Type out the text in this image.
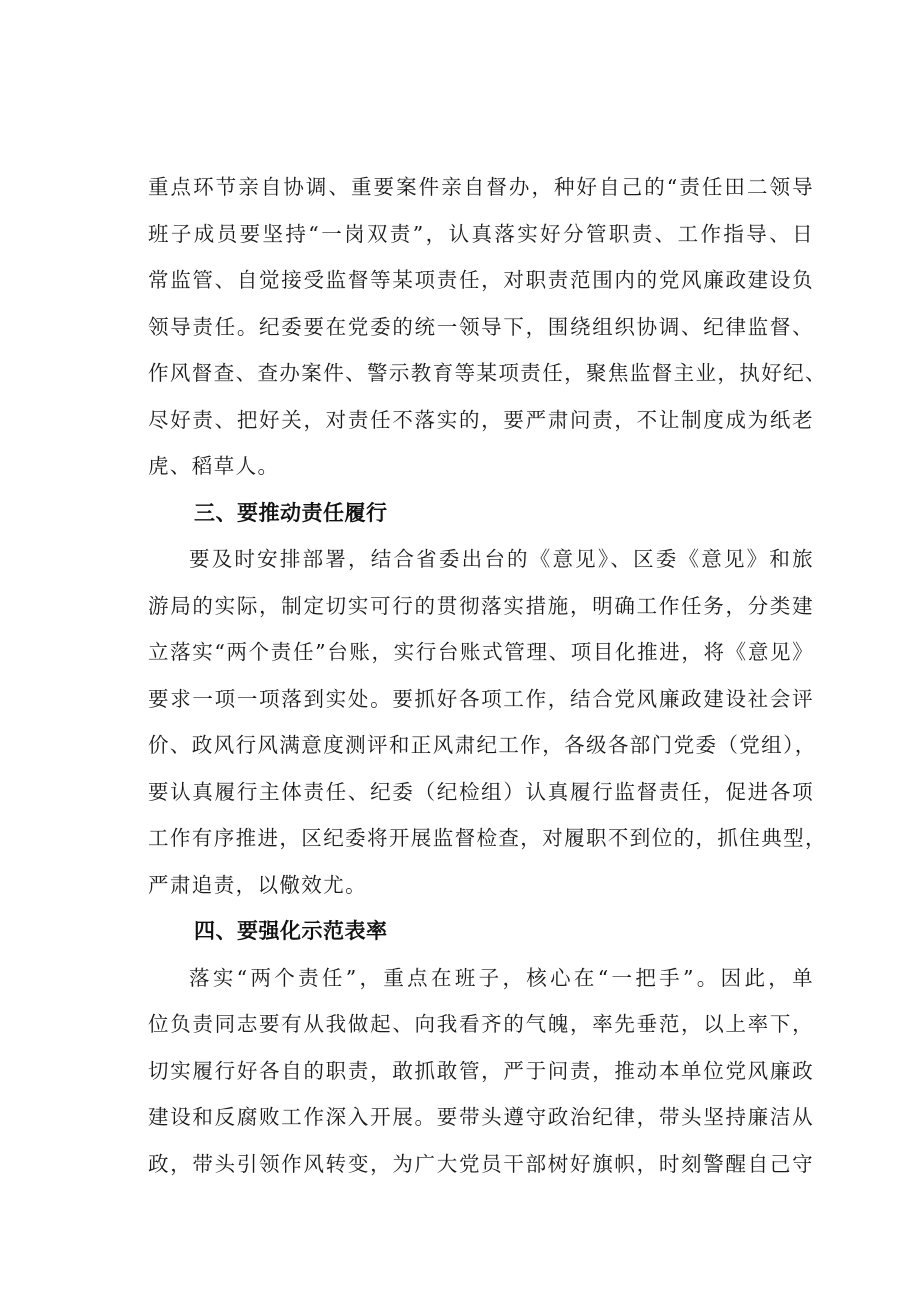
重点环节亲自协调、重要案件亲自督办，种好自己的“责任田二领导
班子成员要坚持“一岗双责”，认真落实好分管职责、工作指导、日
常监管、自觉接受监督等某项责任，对职责范围内的党风廉政建设负
领导责任。纪委要在党委的统一领导下，围绕组织协调、纪律监督、
作风督查、查办案件、警示教育等某项责任，聚焦监督主业，执好纪、
尽好责、把好关，对责任不落实的，要严肃问责，不让制度成为纸老
虎、稻草人。
三、要推动责任履行
要及时安排部署，结合省委出台的《意见》、区委《意见》和旅
游局的实际，制定切实可行的贯彻落实措施，明确工作任务，分类建
立落实“两个责任”台账，实行台账式管理、项目化推进，将《意见》
要求一项一项落到实处。要抓好各项工作，结合党风廉政建设社会评
价、政风行风满意度测评和正风肃纪工作，各级各部门党委（党组），
要认真履行主体责任、纪委（纪检组）认真履行监督责任，促进各项
工作有序推进，区纪委将开展监督检查，对履职不到位的，抓住典型，
严肃追责，以儆效尤。
四、要强化示范表率
落实“两个责任”，重点在班子，核心在“一把手”。因此，单
位负责同志要有从我做起、向我看齐的气魄，率先垂范，以上率下，
切实履行好各自的职责，敢抓敢管，严于问责，推动本单位党风廉政
建设和反腐败工作深入开展。要带头遵守政治纪律，带头坚持廉洁从
政，带头引领作风转变，为广大党员干部树好旗帜，时刻警醒自己守
